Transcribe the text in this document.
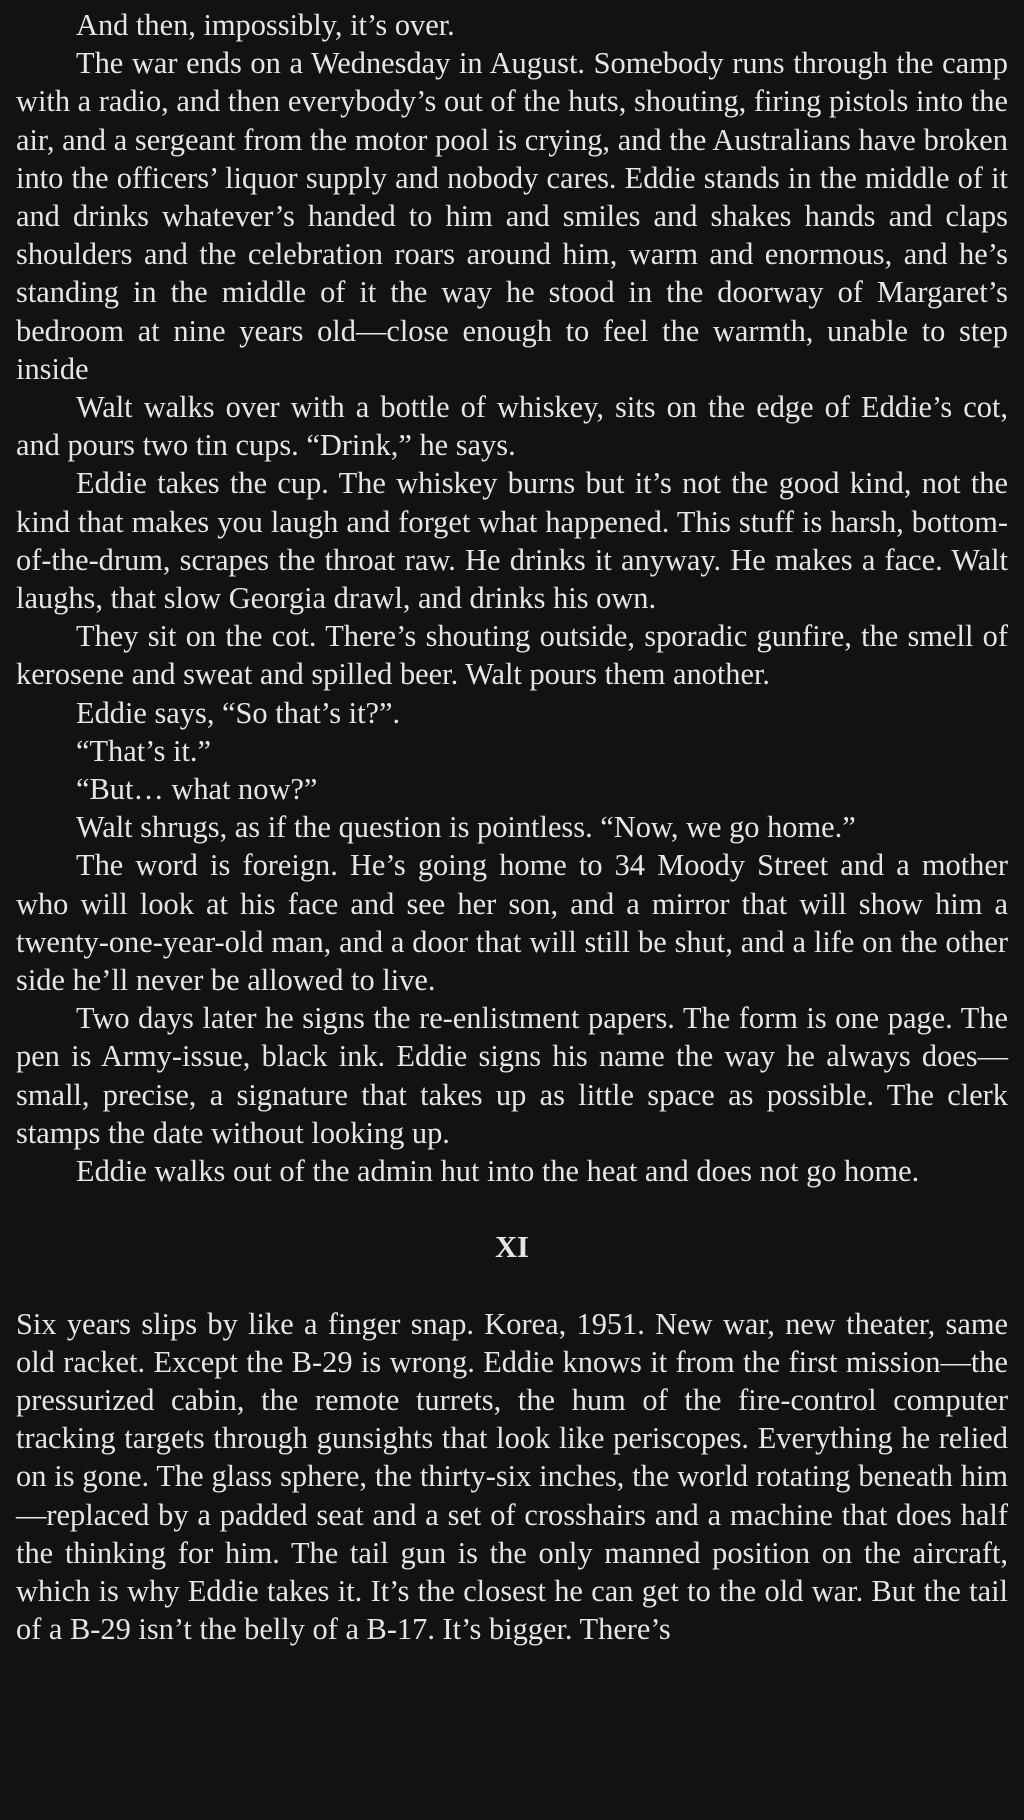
And then, impossibly, it’s over.

The war ends on a Wednesday in August. Somebody runs through the camp with a radio, and then everybody’s out of the huts, shouting, firing pistols into the air, and a sergeant from the motor pool is crying, and the Australians have broken into the officers’ liquor supply and nobody cares. Eddie stands in the middle of it and drinks whatever’s handed to him and smiles and shakes hands and claps shoulders and the celebration roars around him, warm and enormous, and he’s standing in the middle of it the way he stood in the doorway of Margaret’s bedroom at nine years old—close enough to feel the warmth, unable to step inside

Walt walks over with a bottle of whiskey, sits on the edge of Eddie’s cot, and pours two tin cups. “Drink,” he says.

Eddie takes the cup. The whiskey burns but it’s not the good kind, not the kind that makes you laugh and forget what happened. This stuff is harsh, bottom-of-the-drum, scrapes the throat raw. He drinks it anyway. He makes a face. Walt laughs, that slow Georgia drawl, and drinks his own.

They sit on the cot. There’s shouting outside, sporadic gunfire, the smell of kerosene and sweat and spilled beer. Walt pours them another.

Eddie says, “So that’s it?”.

“That’s it.”

“But… what now?”

Walt shrugs, as if the question is pointless. “Now, we go home.”

The word is foreign. He’s going home to 34 Moody Street and a mother who will look at his face and see her son, and a mirror that will show him a twenty-one-year-old man, and a door that will still be shut, and a life on the other side he’ll never be allowed to live.

Two days later he signs the re-enlistment papers. The form is one page. The pen is Army-issue, black ink. Eddie signs his name the way he always does—small, precise, a signature that takes up as little space as possible. The clerk stamps the date without looking up.

Eddie walks out of the admin hut into the heat and does not go home.

XI

Six years slips by like a finger snap. Korea, 1951. New war, new theater, same old racket. Except the B-29 is wrong. Eddie knows it from the first mission—the pressurized cabin, the remote turrets, the hum of the fire-control computer tracking targets through gunsights that look like periscopes. Everything he relied on is gone. The glass sphere, the thirty-six inches, the world rotating beneath him—replaced by a padded seat and a set of crosshairs and a machine that does half the thinking for him. The tail gun is the only manned position on the aircraft, which is why Eddie takes it. It’s the closest he can get to the old war. But the tail of a B-29 isn’t the belly of a B-17. It’s bigger. There’s
